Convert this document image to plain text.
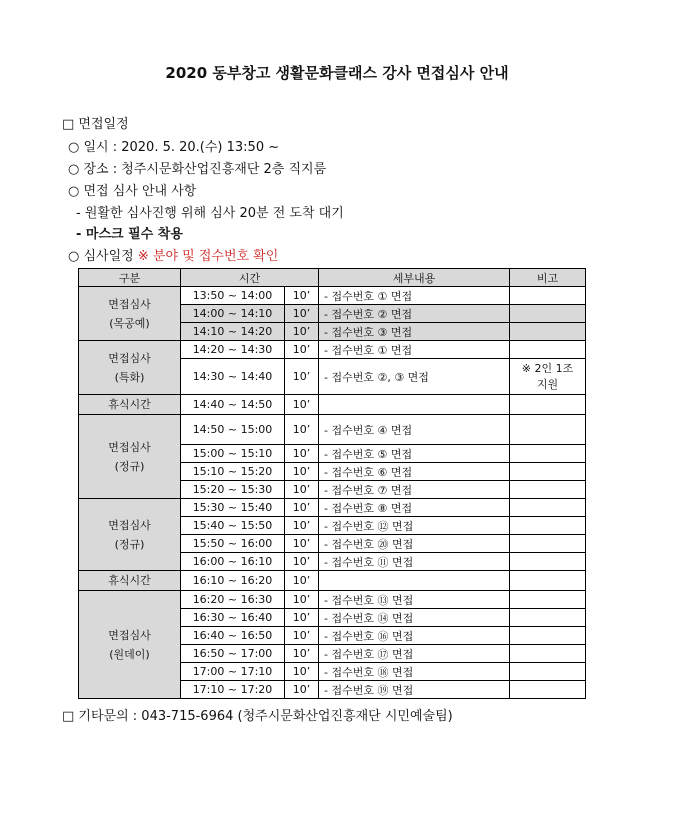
2020 동부창고 생활문화클래스 강사 면접심사 안내
□ 면접일정
○ 일시 : 2020. 5. 20.(수) 13:50 ~
○ 장소 : 청주시문화산업진흥재단 2층 직지룸
○ 면접 심사 안내 사항
- 원활한 심사진행 위해 심사 20분 전 도착 대기
- 마스크 필수 착용
○ 심사일정 ※ 분야 및 접수번호 확인
구분	시간		세부내용	비고
면접심사
(목공예)	13:50 ~ 14:00	10’	- 접수번호 ① 면접	
	14:00 ~ 14:10	10’	- 접수번호 ② 면접	
	14:10 ~ 14:20	10’	- 접수번호 ③ 면접	
면접심사
(특화)	14:20 ~ 14:30	10’	- 접수번호 ① 면접	
	14:30 ~ 14:40	10’	- 접수번호 ②, ③ 면접	※ 2인 1조
지원
휴식시간	14:40 ~ 14:50	10’		
면접심사
(정규)	14:50 ~ 15:00	10’	- 접수번호 ④ 면접	
	15:00 ~ 15:10	10’	- 접수번호 ⑤ 면접	
	15:10 ~ 15:20	10’	- 접수번호 ⑥ 면접	
	15:20 ~ 15:30	10’	- 접수번호 ⑦ 면접	
면접심사
(정규)	15:30 ~ 15:40	10’	- 접수번호 ⑧ 면접	
	15:40 ~ 15:50	10’	- 접수번호 ⑫ 면접	
	15:50 ~ 16:00	10’	- 접수번호 ⑳ 면접	
	16:00 ~ 16:10	10’	- 접수번호 ⑪ 면접	
휴식시간	16:10 ~ 16:20	10’		
면접심사
(원데이)	16:20 ~ 16:30	10’	- 접수번호 ⑬ 면접	
	16:30 ~ 16:40	10’	- 접수번호 ⑭ 면접	
	16:40 ~ 16:50	10’	- 접수번호 ⑯ 면접	
	16:50 ~ 17:00	10’	- 접수번호 ⑰ 면접	
	17:00 ~ 17:10	10’	- 접수번호 ⑱ 면접	
	17:10 ~ 17:20	10’	- 접수번호 ⑲ 면접	
□ 기타문의 : 043-715-6964 (청주시문화산업진흥재단 시민예술팀)
